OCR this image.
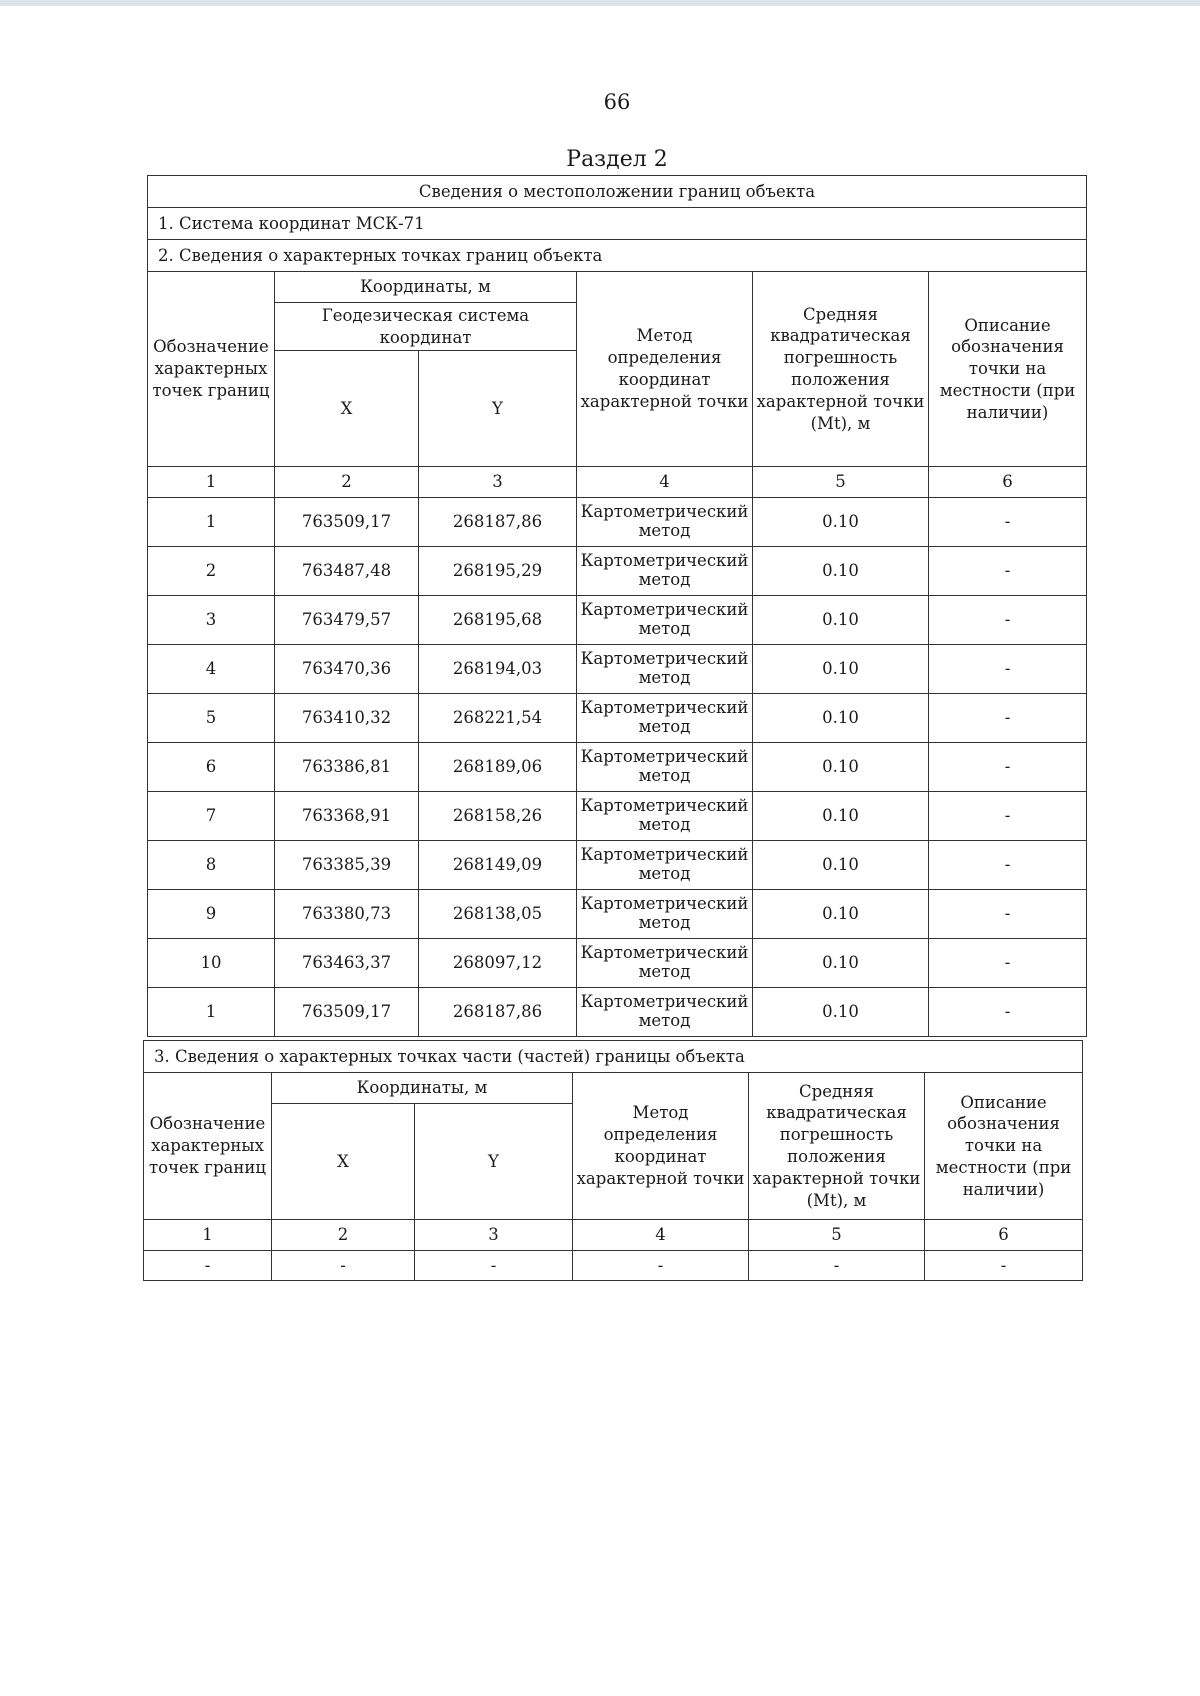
66
Раздел 2
Сведения о местоположении границ объекта					
1. Система координат МСК-71					
2. Сведения о характерных точках границ объекта					
Обозначение характерных точек границ	Координаты, м		Метод определения координат характерной точки	Средняя квадратическая погрешность положения характерной точки (Mt), м	Описание обозначения точки на местности (при наличии)
	Геодезическая система координат				
	X	Y			
1	2	3	4	5	6
1	763509,17	268187,86	Картометрический метод	0.10	-
2	763487,48	268195,29	Картометрический метод	0.10	-
3	763479,57	268195,68	Картометрический метод	0.10	-
4	763470,36	268194,03	Картометрический метод	0.10	-
5	763410,32	268221,54	Картометрический метод	0.10	-
6	763386,81	268189,06	Картометрический метод	0.10	-
7	763368,91	268158,26	Картометрический метод	0.10	-
8	763385,39	268149,09	Картометрический метод	0.10	-
9	763380,73	268138,05	Картометрический метод	0.10	-
10	763463,37	268097,12	Картометрический метод	0.10	-
1	763509,17	268187,86	Картометрический метод	0.10	-
3. Сведения о характерных точках части (частей) границы объекта					
Обозначение характерных точек границ	Координаты, м		Метод определения координат характерной точки	Средняя квадратическая погрешность положения характерной точки (Mt), м	Описание обозначения точки на местности (при наличии)
	X	Y			
1	2	3	4	5	6
-	-	-	-	-	-
